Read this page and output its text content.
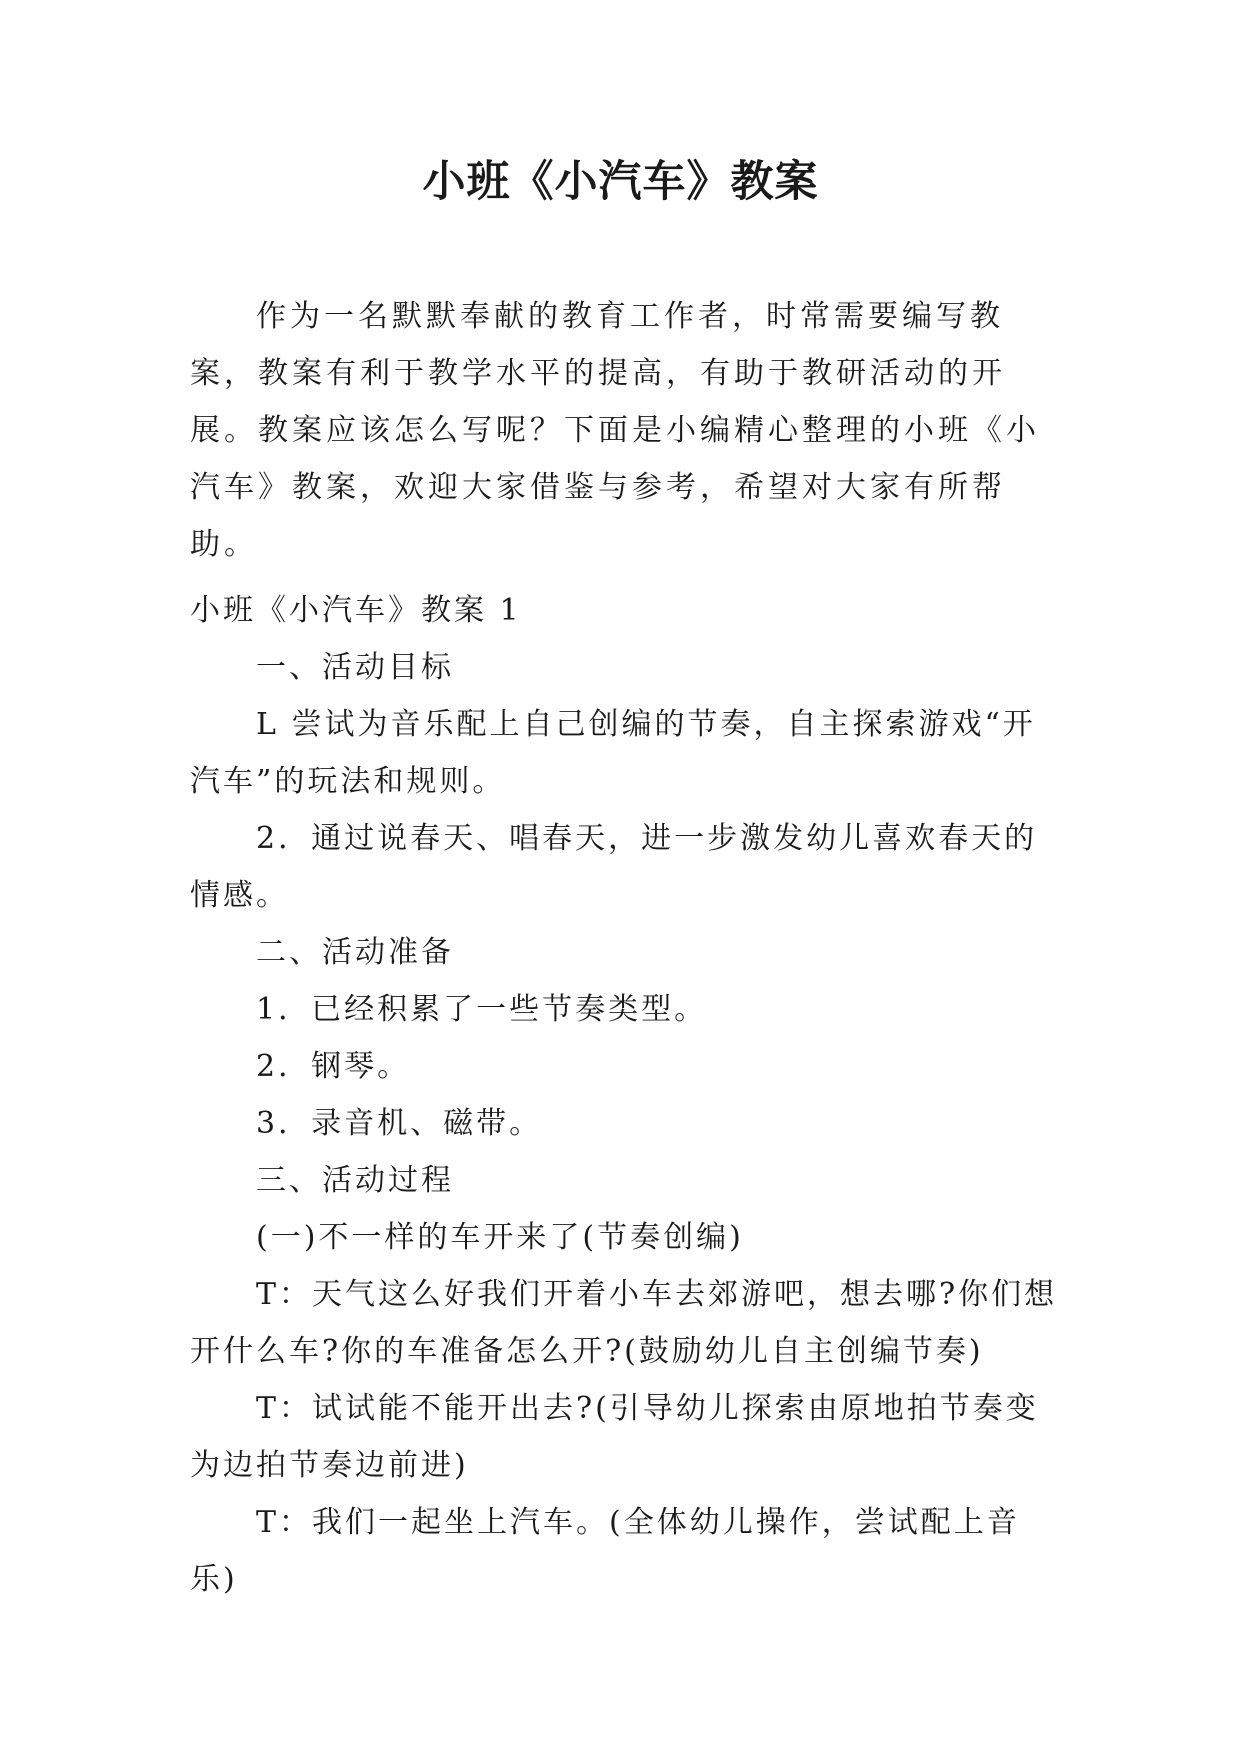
小班《小汽车》教案

作为一名默默奉献的教育工作者，时常需要编写教案，教案有利于教学水平的提高，有助于教研活动的开展。教案应该怎么写呢？下面是小编精心整理的小班《小汽车》教案，欢迎大家借鉴与参考，希望对大家有所帮助。

小班《小汽车》教案 1

一、活动目标

L 尝试为音乐配上自己创编的节奏，自主探索游戏“开汽车”的玩法和规则。

2．通过说春天、唱春天，进一步激发幼儿喜欢春天的情感。

二、活动准备

1．已经积累了一些节奏类型。

2．钢琴。

3．录音机、磁带。

三、活动过程

(一)不一样的车开来了(节奏创编)

T：天气这么好我们开着小车去郊游吧，想去哪?你们想开什么车?你的车准备怎么开?(鼓励幼儿自主创编节奏)

T：试试能不能开出去?(引导幼儿探索由原地拍节奏变为边拍节奏边前进)

T：我们一起坐上汽车。(全体幼儿操作，尝试配上音乐)
